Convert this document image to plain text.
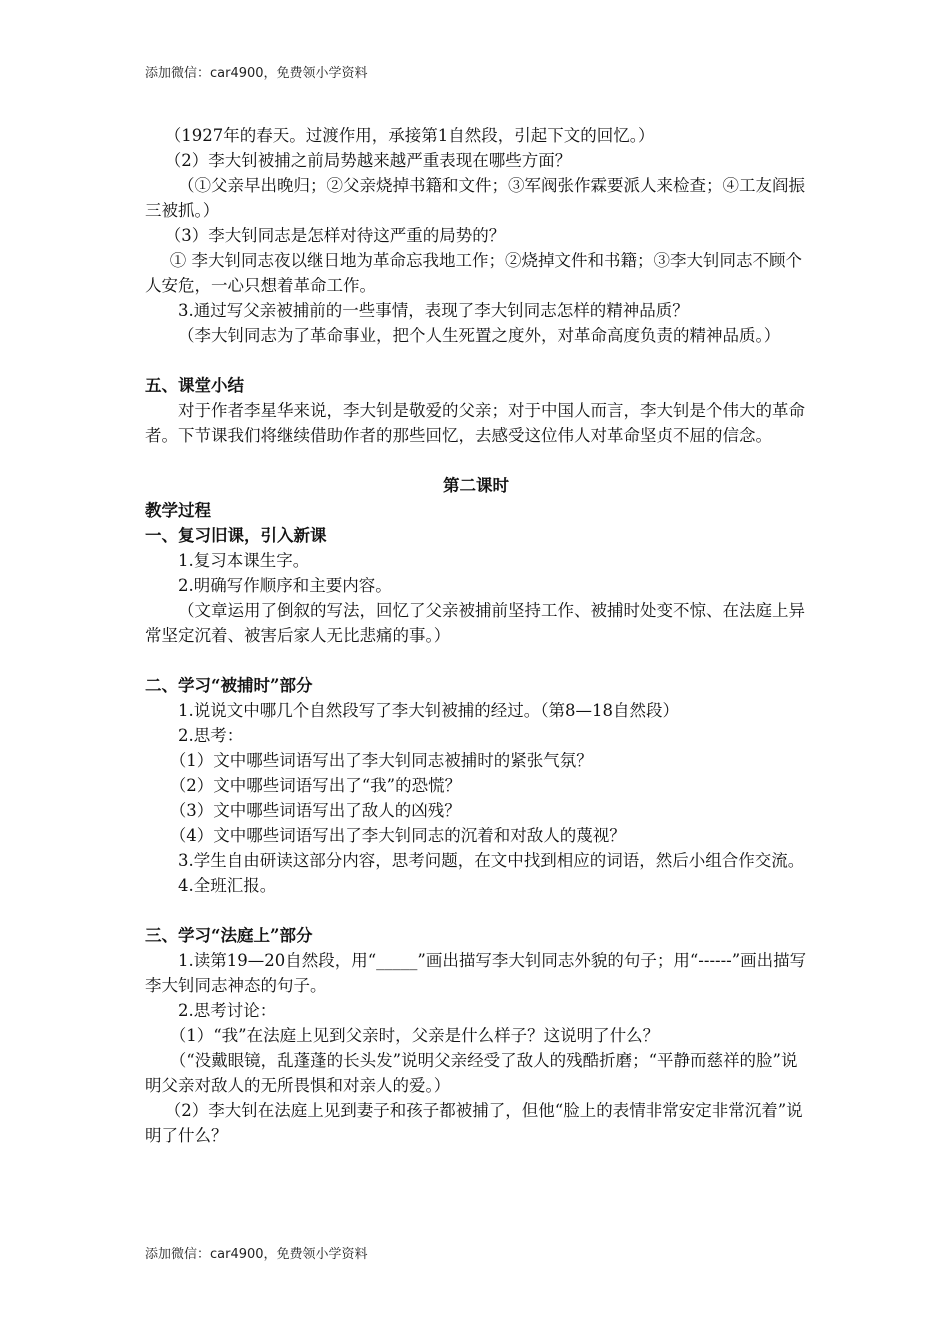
添加微信：car4900，免费领小学资料

（1927年的春天。过渡作用，承接第1自然段，引起下文的回忆。）

（2）李大钊被捕之前局势越来越严重表现在哪些方面？

（①父亲早出晚归；②父亲烧掉书籍和文件；③军阀张作霖要派人来检查；④工友阎振三被抓。）

（3）李大钊同志是怎样对待这严重的局势的？

① 李大钊同志夜以继日地为革命忘我地工作；②烧掉文件和书籍；③李大钊同志不顾个人安危，一心只想着革命工作。

3.通过写父亲被捕前的一些事情，表现了李大钊同志怎样的精神品质？

（李大钊同志为了革命事业，把个人生死置之度外，对革命高度负责的精神品质。）

五、课堂小结

对于作者李星华来说，李大钊是敬爱的父亲；对于中国人而言，李大钊是个伟大的革命者。下节课我们将继续借助作者的那些回忆，去感受这位伟人对革命坚贞不屈的信念。

第二课时

教学过程

一、复习旧课，引入新课

1.复习本课生字。

2.明确写作顺序和主要内容。

（文章运用了倒叙的写法，回忆了父亲被捕前坚持工作、被捕时处变不惊、在法庭上异常坚定沉着、被害后家人无比悲痛的事。）

二、学习“被捕时”部分

1.说说文中哪几个自然段写了李大钊被捕的经过。（第8—18自然段）

2.思考：

（1）文中哪些词语写出了李大钊同志被捕时的紧张气氛？

（2）文中哪些词语写出了“我”的恐慌？

（3）文中哪些词语写出了敌人的凶残？

（4）文中哪些词语写出了李大钊同志的沉着和对敌人的蔑视？

3.学生自由研读这部分内容，思考问题，在文中找到相应的词语，然后小组合作交流。

4.全班汇报。

三、学习“法庭上”部分

1.读第19—20自然段，用“_____”画出描写李大钊同志外貌的句子；用“------”画出描写李大钊同志神态的句子。

2.思考讨论：

（1）“我”在法庭上见到父亲时，父亲是什么样子？这说明了什么？

（“没戴眼镜，乱蓬蓬的长头发”说明父亲经受了敌人的残酷折磨；“平静而慈祥的脸”说明父亲对敌人的无所畏惧和对亲人的爱。）

（2）李大钊在法庭上见到妻子和孩子都被捕了，但他“脸上的表情非常安定非常沉着”说明了什么？

添加微信：car4900，免费领小学资料
